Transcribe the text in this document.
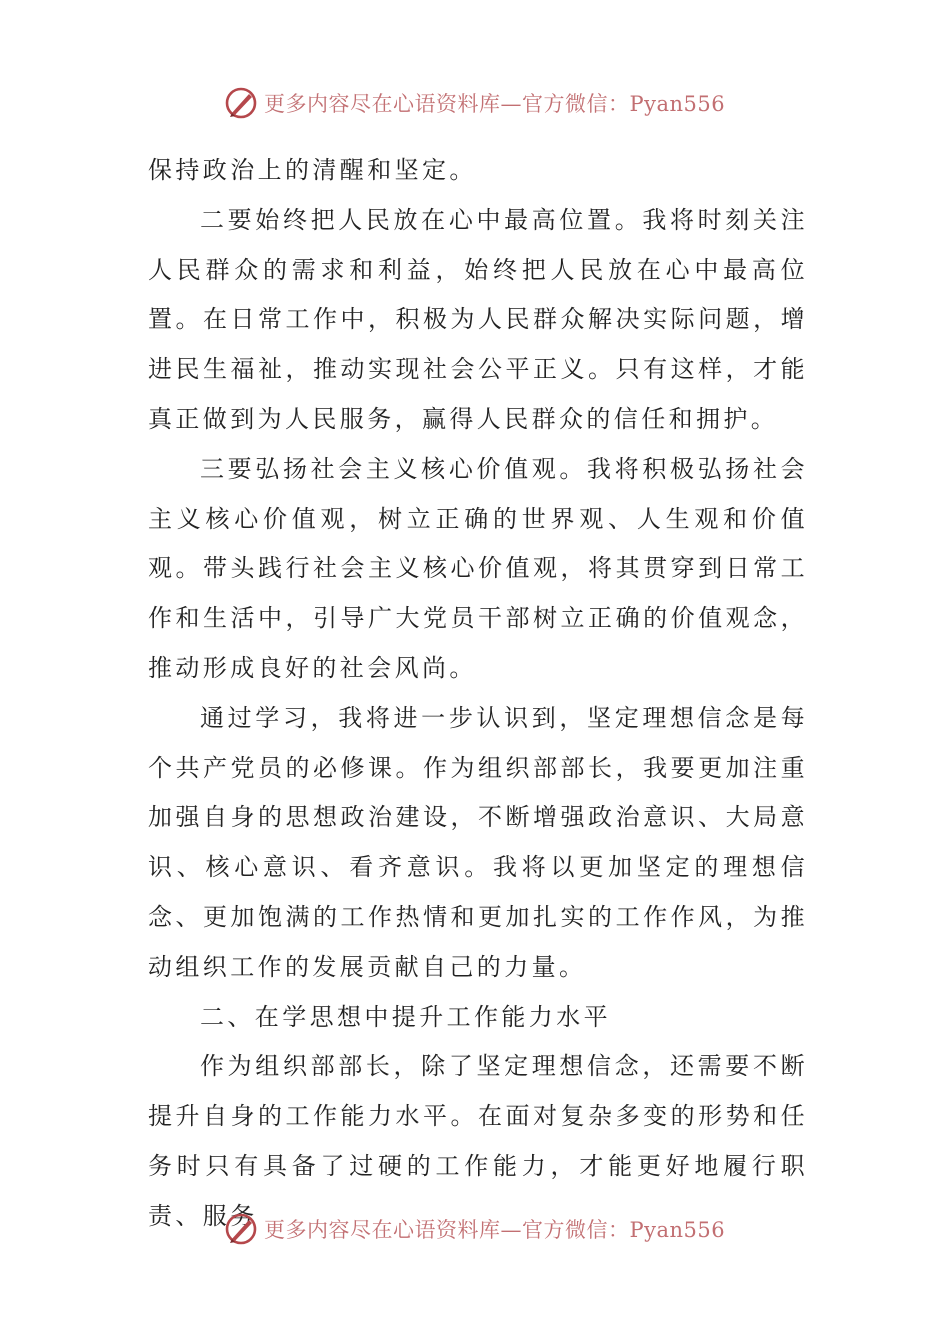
更多内容尽在心语资料库—官方微信：Pyan556

保持政治上的清醒和坚定。

二要始终把人民放在心中最高位置。我将时刻关注人民群众的需求和利益，始终把人民放在心中最高位置。在日常工作中，积极为人民群众解决实际问题，增进民生福祉，推动实现社会公平正义。只有这样，才能真正做到为人民服务，赢得人民群众的信任和拥护。

三要弘扬社会主义核心价值观。我将积极弘扬社会主义核心价值观，树立正确的世界观、人生观和价值观。带头践行社会主义核心价值观，将其贯穿到日常工作和生活中，引导广大党员干部树立正确的价值观念，推动形成良好的社会风尚。

通过学习，我将进一步认识到，坚定理想信念是每个共产党员的必修课。作为组织部部长，我要更加注重加强自身的思想政治建设，不断增强政治意识、大局意识、核心意识、看齐意识。我将以更加坚定的理想信念、更加饱满的工作热情和更加扎实的工作作风，为推动组织工作的发展贡献自己的力量。

二、在学思想中提升工作能力水平

作为组织部部长，除了坚定理想信念，还需要不断提升自身的工作能力水平。在面对复杂多变的形势和任务时只有具备了过硬的工作能力，才能更好地履行职责、服务

更多内容尽在心语资料库—官方微信：Pyan556
